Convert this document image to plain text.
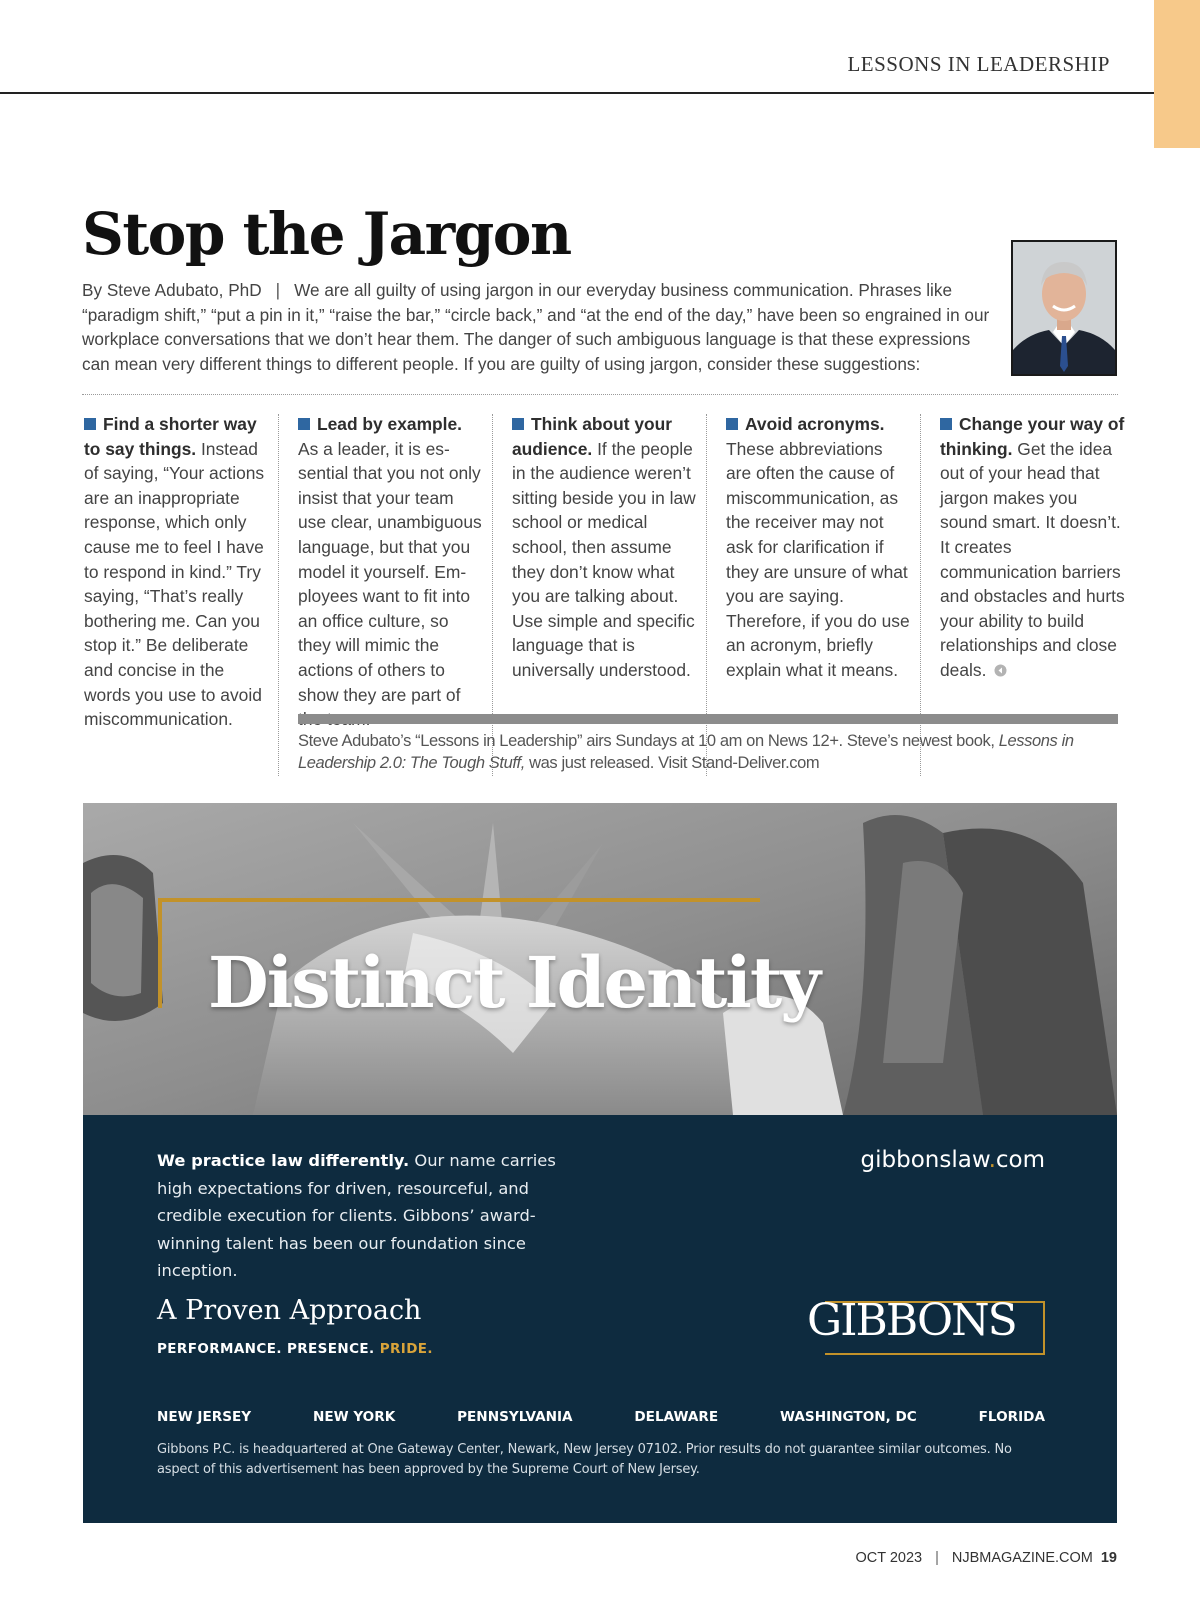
LESSONS IN LEADERSHIP
Stop the Jargon

By Steve Adubato, PhD | We are all guilty of using jargon in our everyday business communication. Phrases like “paradigm shift,” “put a pin in it,” “raise the bar,” “circle back,” and “at the end of the day,” have been so engrained in our workplace conversations that we don’t hear them. The danger of such ambiguous language is that these expressions can mean very different things to different people. If you are guilty of using jargon, consider these suggestions:

Find a shorter way to say things. Instead of saying, “Your actions are an inappropriate response, which only cause me to feel I have to respond in kind.” Try saying, “That’s really bothering me. Can you stop it.” Be deliberate and concise in the words you use to avoid miscommunication.
Lead by example. As a leader, it is essential that you not only insist that your team use clear, unambiguous language, but that you model it yourself. Employees want to fit into an office culture, so they will mimic the actions of others to show they are part of
Think about your audience. If the people in the audience weren’t sitting beside you in law school or medical school, then assume they don’t know what you are talking about. Use simple and specific language that is universally understood.
Avoid acronyms. These abbreviations are often the cause of miscommunication, as the receiver may not ask for clarification if they are unsure of what you are saying. Therefore, if you do use an acronym, briefly explain what it means.
Change your way of thinking. Get the idea out of your head that jargon makes you sound smart. It doesn’t. It creates communication barriers and obstacles and hurts your ability to build relationships and close deals.

Steve Adubato’s “Lessons in Leadership” airs Sundays at 10 am on News 12+. Steve’s newest book, Lessons in Leadership 2.0: The Tough Stuff, was just released. Visit Stand-Deliver.com

Distinct Identity

We practice law differently. Our name carries high expectations for driven, resourceful, and credible execution for clients. Gibbons’ award-winning talent has been our foundation since inception.

gibbonslaw.com
A Proven Approach
PERFORMANCE. PRESENCE. PRIDE.
GIBBONS
NEW JERSEY	NEW YORK	PENNSYLVANIA	DELAWARE	WASHINGTON, DC	FLORIDA

Gibbons P.C. is headquartered at One Gateway Center, Newark, New Jersey 07102. Prior results do not guarantee similar outcomes. No aspect of this advertisement has been approved by the Supreme Court of New Jersey.

OCT 2023 | NJBMAGAZINE.COM 19
